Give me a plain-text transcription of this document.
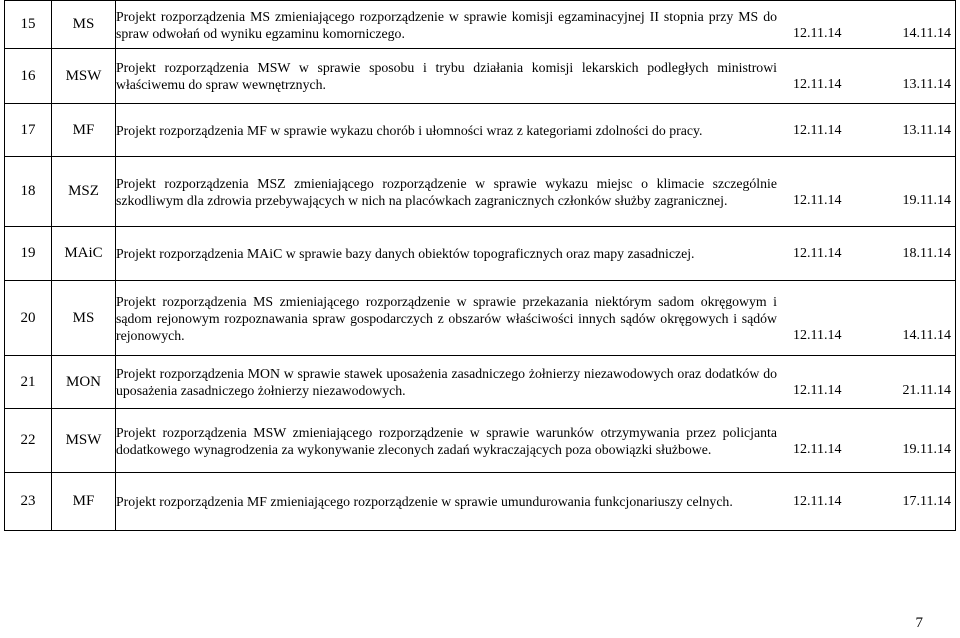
15	MS	Projekt rozporządzenia MS zmieniającego rozporządzenie w sprawie komisji egzaminacyjnej II stopnia przy MS do spraw odwołań od wyniku egzaminu komorniczego. 12.11.14 14.11.14

16	MSW	Projekt rozporządzenia MSW w sprawie sposobu i trybu działania komisji lekarskich podległych ministrowi właściwemu do spraw wewnętrznych. 12.11.14 13.11.14

17	MF	Projekt rozporządzenia MF w sprawie wykazu chorób i ułomności wraz z kategoriami zdolności do pracy. 12.11.14 13.11.14

18	MSZ	Projekt rozporządzenia MSZ zmieniającego rozporządzenie w sprawie wykazu miejsc o klimacie szczególnie szkodliwym dla zdrowia przebywających w nich na placówkach zagranicznych członków służby zagranicznej. 12.11.14 19.11.14

19	MAiC	Projekt rozporządzenia MAiC w sprawie bazy danych obiektów topograficznych oraz mapy zasadniczej. 12.11.14 18.11.14

20	MS	Projekt rozporządzenia MS zmieniającego rozporządzenie w sprawie przekazania niektórym sadom okręgowym i sądom rejonowym rozpoznawania spraw gospodarczych z obszarów właściwości innych sądów okręgowych i sądów rejonowych. 12.11.14 14.11.14

21	MON	Projekt rozporządzenia MON w sprawie stawek uposażenia zasadniczego żołnierzy niezawodowych oraz dodatków do uposażenia zasadniczego żołnierzy niezawodowych. 12.11.14 21.11.14

22	MSW	Projekt rozporządzenia MSW zmieniającego rozporządzenie w sprawie warunków otrzymywania przez policjanta dodatkowego wynagrodzenia za wykonywanie zleconych zadań wykraczających poza obowiązki służbowe. 12.11.14 19.11.14

23	MF	Projekt rozporządzenia MF zmieniającego rozporządzenie w sprawie umundurowania funkcjonariuszy celnych. 12.11.14 17.11.14
7
